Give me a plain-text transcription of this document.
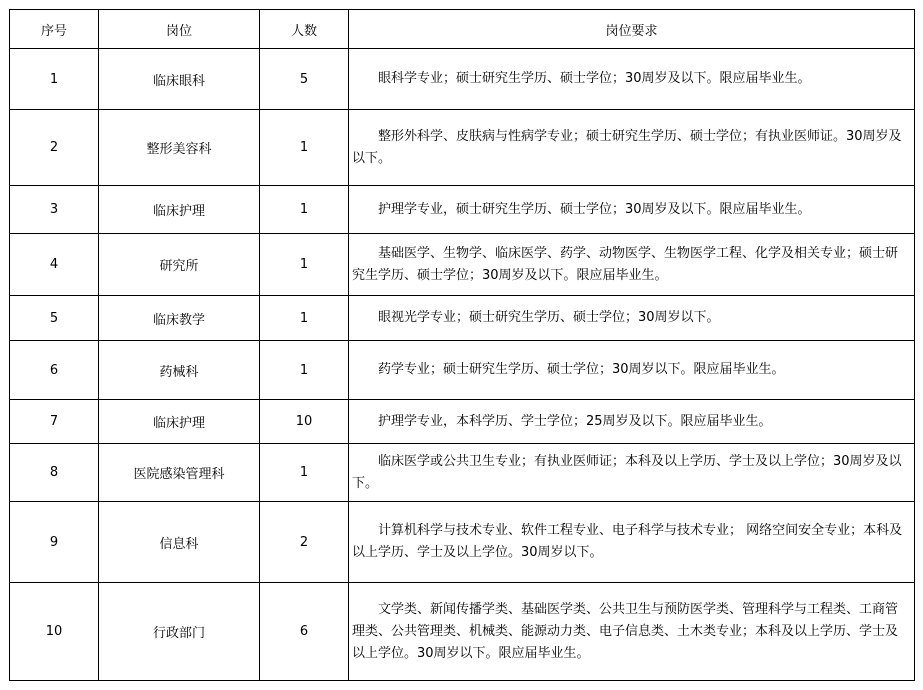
序号	岗位	人数	岗位要求
1	临床眼科	5	眼科学专业；硕士研究生学历、硕士学位；30周岁及以下。限应届毕业生。
2	整形美容科	1	整形外科学、皮肤病与性病学专业；硕士研究生学历、硕士学位；有执业医师证。30周岁及以下。
3	临床护理	1	护理学专业，硕士研究生学历、硕士学位；30周岁及以下。限应届毕业生。
4	研究所	1	基础医学、生物学、临床医学、药学、动物医学、生物医学工程、化学及相关专业；硕士研究生学历、硕士学位；30周岁及以下。限应届毕业生。
5	临床教学	1	眼视光学专业；硕士研究生学历、硕士学位；30周岁以下。
6	药械科	1	药学专业；硕士研究生学历、硕士学位；30周岁以下。限应届毕业生。
7	临床护理	10	护理学专业，本科学历、学士学位；25周岁及以下。限应届毕业生。
8	医院感染管理科	1	临床医学或公共卫生专业；有执业医师证；本科及以上学历、学士及以上学位；30周岁及以下。
9	信息科	2	计算机科学与技术专业、软件工程专业、电子科学与技术专业； 网络空间安全专业；本科及以上学历、学士及以上学位。30周岁以下。
10	行政部门	6	文学类、新闻传播学类、基础医学类、公共卫生与预防医学类、管理科学与工程类、工商管理类、公共管理类、机械类、能源动力类、电子信息类、土木类专业；本科及以上学历、学士及以上学位。30周岁以下。限应届毕业生。
